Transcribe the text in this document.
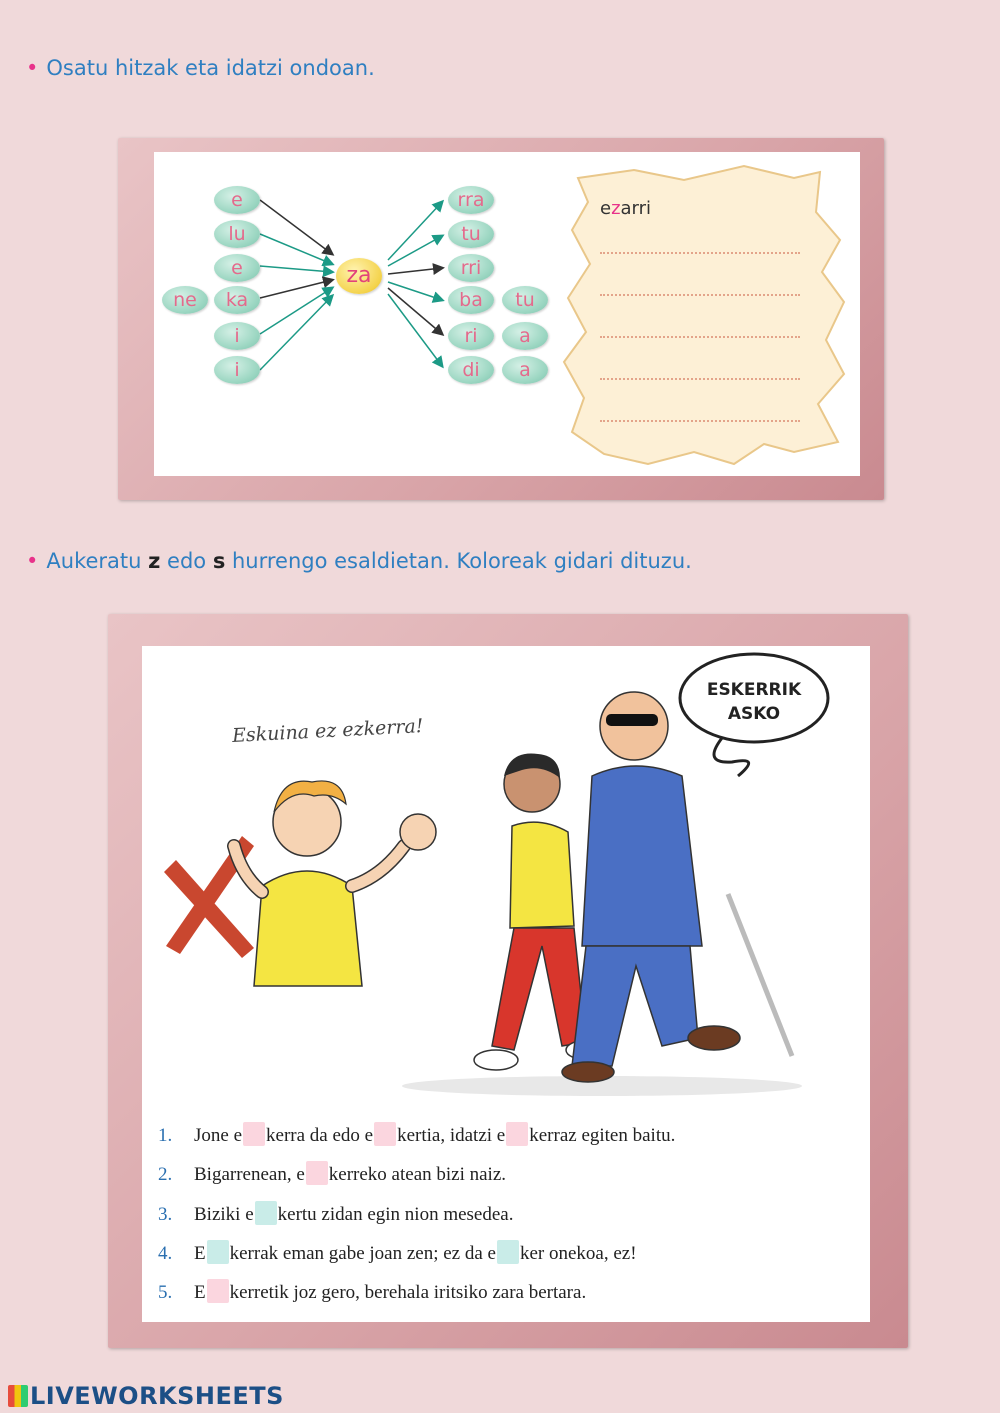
• Osatu hitzak eta idatzi ondoan.
e
lu
e
ka
i
i
ne
za
rra
tu
rri
ba
ri
di
tu
a
a
ezarri
• Aukeratu z edo s hurrengo esaldietan. Koloreak gidari dituzu.
Eskuina ez ezkerra!
ESKERRIK
ASKO
1. Jone e kerra da edo e kertia, idatzi e kerraz egiten baitu.
2. Bigarrenean, e kerreko atean bizi naiz.
3. Biziki e kertu zidan egin nion mesedea.
4. E kerrak eman gabe joan zen; ez da e ker onekoa, ez!
5. E kerretik joz gero, berehala iritsiko zara bertara.
LIVEWORKSHEETS
